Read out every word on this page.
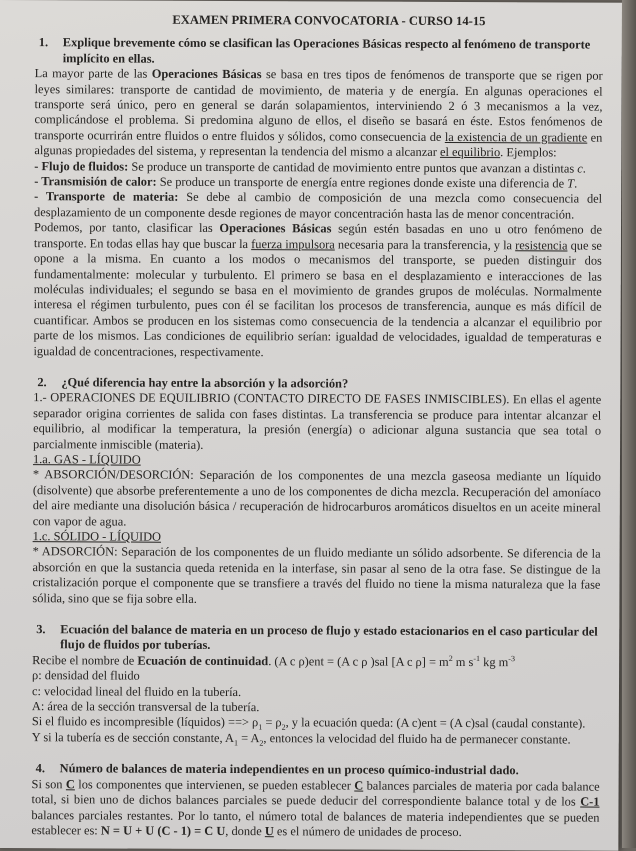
EXAMEN PRIMERA CONVOCATORIA - CURSO 14-15
1.	Explique brevemente cómo se clasifican las Operaciones Básicas respecto al fenómeno de transporte implícito en ellas.
La mayor parte de las Operaciones Básicas se basa en tres tipos de fenómenos de transporte que se rigen por leyes similares: transporte de cantidad de movimiento, de materia y de energía. En algunas operaciones el transporte será único, pero en general se darán solapamientos, interviniendo 2 ó 3 mecanismos a la vez, complicándose el problema. Si predomina alguno de ellos, el diseño se basará en éste. Estos fenómenos de transporte ocurrirán entre fluidos o entre fluidos y sólidos, como consecuencia de la existencia de un gradiente en algunas propiedades del sistema, y representan la tendencia del mismo a alcanzar el equilibrio. Ejemplos:
- Flujo de fluidos: Se produce un transporte de cantidad de movimiento entre puntos que avanzan a distintas c.
- Transmisión de calor: Se produce un transporte de energía entre regiones donde existe una diferencia de T.
- Transporte de materia: Se debe al cambio de composición de una mezcla como consecuencia del desplazamiento de un componente desde regiones de mayor concentración hasta las de menor concentración.
Podemos, por tanto, clasificar las Operaciones Básicas según estén basadas en uno u otro fenómeno de transporte. En todas ellas hay que buscar la fuerza impulsora necesaria para la transferencia, y la resistencia que se opone a la misma. En cuanto a los modos o mecanismos del transporte, se pueden distinguir dos fundamentalmente: molecular y turbulento. El primero se basa en el desplazamiento e interacciones de las moléculas individuales; el segundo se basa en el movimiento de grandes grupos de moléculas. Normalmente interesa el régimen turbulento, pues con él se facilitan los procesos de transferencia, aunque es más difícil de cuantificar. Ambos se producen en los sistemas como consecuencia de la tendencia a alcanzar el equilibrio por parte de los mismos. Las condiciones de equilibrio serían: igualdad de velocidades, igualdad de temperaturas e igualdad de concentraciones, respectivamente.
2.	¿Qué diferencia hay entre la absorción y la adsorción?
1.- OPERACIONES DE EQUILIBRIO (CONTACTO DIRECTO DE FASES INMISCIBLES). En ellas el agente separador origina corrientes de salida con fases distintas. La transferencia se produce para intentar alcanzar el equilibrio, al modificar la temperatura, la presión (energía) o adicionar alguna sustancia que sea total o parcialmente inmiscible (materia).
1.a. GAS - LÍQUIDO
* ABSORCIÓN/DESORCIÓN: Separación de los componentes de una mezcla gaseosa mediante un líquido (disolvente) que absorbe preferentemente a uno de los componentes de dicha mezcla. Recuperación del amoníaco del aire mediante una disolución básica / recuperación de hidrocarburos aromáticos disueltos en un aceite mineral con vapor de agua.
1.c. SÓLIDO - LÍQUIDO
* ADSORCIÓN: Separación de los componentes de un fluido mediante un sólido adsorbente. Se diferencia de la absorción en que la sustancia queda retenida en la interfase, sin pasar al seno de la otra fase. Se distingue de la cristalización porque el componente que se transfiere a través del fluido no tiene la misma naturaleza que la fase sólida, sino que se fija sobre ella.
3.	Ecuación del balance de materia en un proceso de flujo y estado estacionarios en el caso particular del flujo de fluidos por tuberías.
Recibe el nombre de Ecuación de continuidad. (A c ρ)ent = (A c ρ )sal [A c $\rho] = m^2$ m $s^{-1}$ kg $m^{-3}$
ρ: densidad del fluido
c: velocidad lineal del fluido en la tubería.
A: área de la sección transversal de la tubería.
Si el fluido es incompresible (líquidos) ==> $\rho_1 = \rho_2$, y la ecuación queda: (A c)ent = (A c)sal (caudal constante).
Y si la tubería es de sección constante, $A_1 = A_2$, entonces la velocidad del fluido ha de permanecer constante.
4.	Número de balances de materia independientes en un proceso químico-industrial dado.
Si son C los componentes que intervienen, se pueden establecer C balances parciales de materia por cada balance total, si bien uno de dichos balances parciales se puede deducir del correspondiente balance total y de los C-1 balances parciales restantes. Por lo tanto, el número total de balances de materia independientes que se pueden establecer es: N = U + U (C - 1) = C U, donde U es el número de unidades de proceso.
